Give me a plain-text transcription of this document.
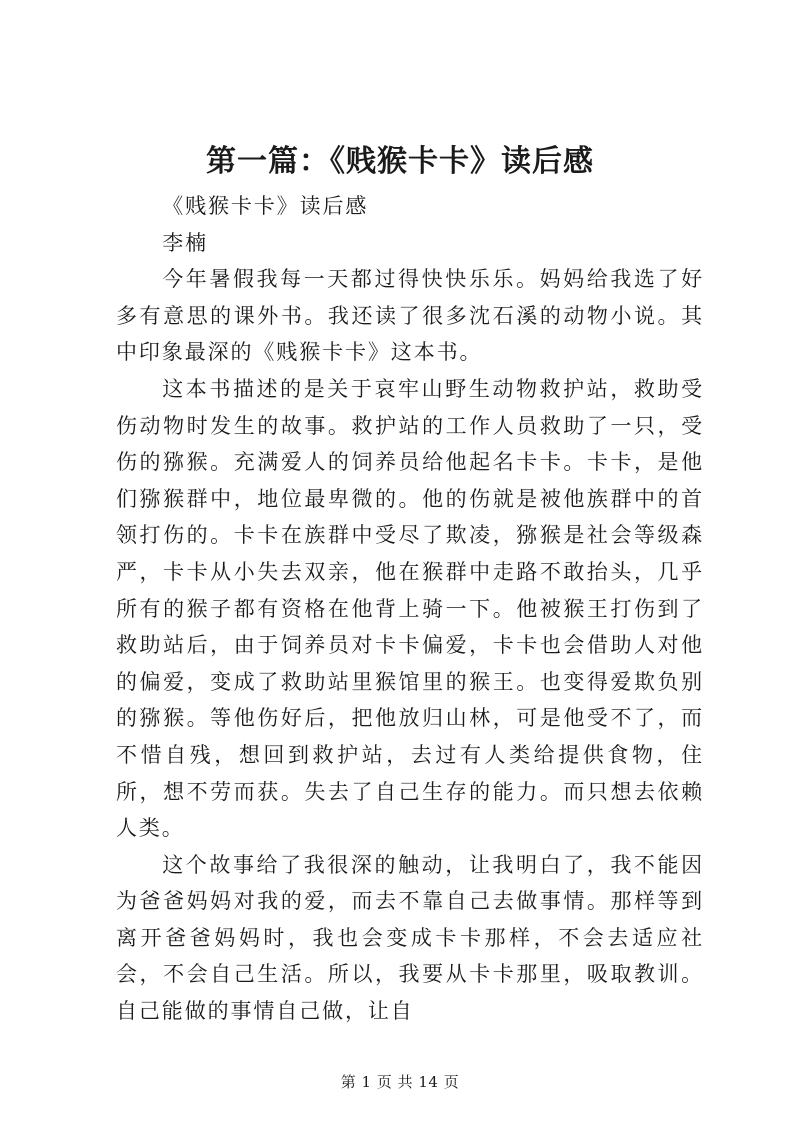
第一篇：《贱猴卡卡》读后感

《贱猴卡卡》读后感

李楠

今年暑假我每一天都过得快快乐乐。妈妈给我选了好多有意思的课外书。我还读了很多沈石溪的动物小说。其中印象最深的《贱猴卡卡》这本书。

这本书描述的是关于哀牢山野生动物救护站，救助受伤动物时发生的故事。救护站的工作人员救助了一只，受伤的猕猴。充满爱人的饲养员给他起名卡卡。卡卡，是他们猕猴群中，地位最卑微的。他的伤就是被他族群中的首领打伤的。卡卡在族群中受尽了欺凌，猕猴是社会等级森严，卡卡从小失去双亲，他在猴群中走路不敢抬头，几乎所有的猴子都有资格在他背上骑一下。他被猴王打伤到了救助站后，由于饲养员对卡卡偏爱，卡卡也会借助人对他的偏爱，变成了救助站里猴馆里的猴王。也变得爱欺负别的猕猴。等他伤好后，把他放归山林，可是他受不了，而不惜自残，想回到救护站，去过有人类给提供食物，住所，想不劳而获。失去了自己生存的能力。而只想去依赖人类。

这个故事给了我很深的触动，让我明白了，我不能因为爸爸妈妈对我的爱，而去不靠自己去做事情。那样等到离开爸爸妈妈时，我也会变成卡卡那样，不会去适应社会，不会自己生活。所以，我要从卡卡那里，吸取教训。自己能做的事情自己做，让自

第 1 页 共 14 页
